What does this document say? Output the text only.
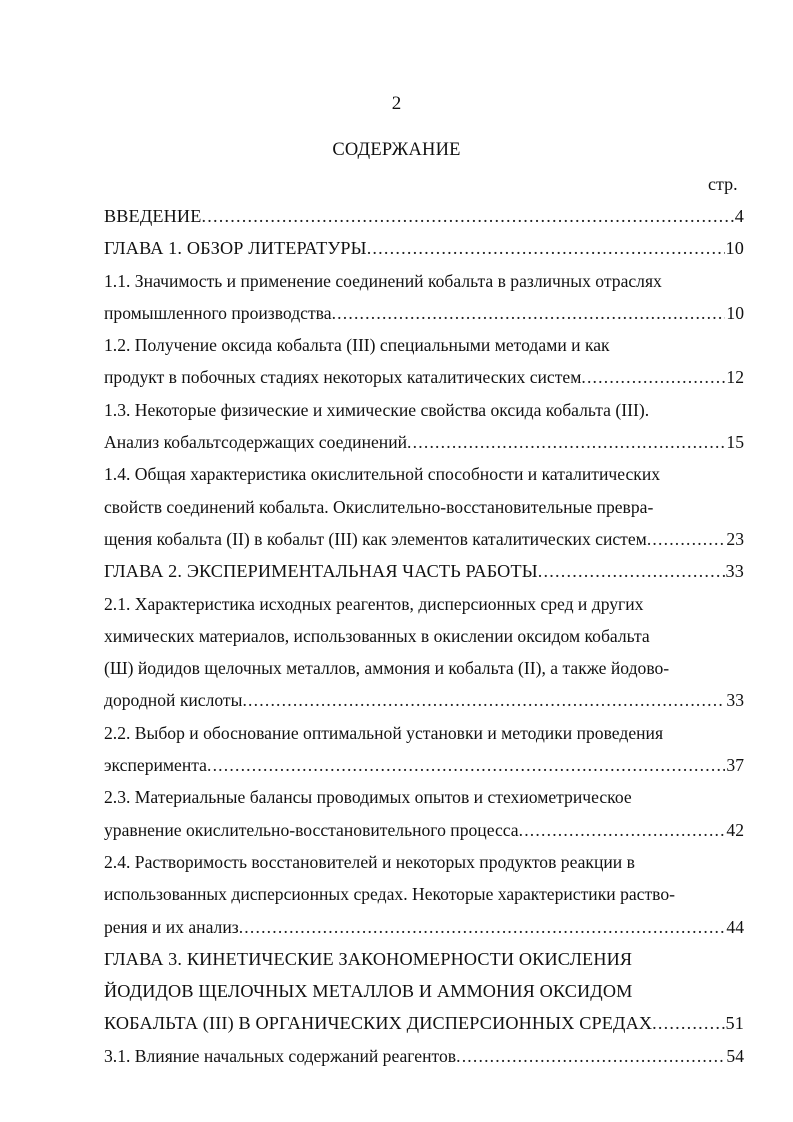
2
СОДЕРЖАНИЕ
стр.
ВВЕДЕНИЕ .....	4
ГЛАВА 1. ОБЗОР ЛИТЕРАТУРЫ .....	10
1.1. Значимость и применение соединений кобальта в различных отраслях
промышленного производства .....	10
1.2. Получение оксида кобальта (III) специальными методами и как
продукт в побочных стадиях некоторых каталитических систем .....	12
1.3. Некоторые физические и химические свойства оксида кобальта (III).
Анализ кобальтсодержащих соединений .....	15
1.4. Общая характеристика окислительной способности и каталитических
свойств соединений кобальта. Окислительно-восстановительные превра-
щения кобальта (II) в кобальт (III) как элементов каталитических систем .....	23
ГЛАВА 2. ЭКСПЕРИМЕНТАЛЬНАЯ ЧАСТЬ РАБОТЫ .....	33
2.1. Характеристика исходных реагентов, дисперсионных сред и других
химических материалов, использованных в окислении оксидом кобальта
(Ш) йодидов щелочных металлов, аммония и кобальта (II), а также йодово-
дородной кислоты .....	33
2.2. Выбор и обоснование оптимальной установки и методики проведения
эксперимента .....	37
2.3. Материальные балансы проводимых опытов и стехиометрическое
уравнение окислительно-восстановительного процесса .....	42
2.4. Растворимость восстановителей и некоторых продуктов реакции в
использованных дисперсионных средах. Некоторые характеристики раство-
рения и их анализ .....	44
ГЛАВА 3. КИНЕТИЧЕСКИЕ ЗАКОНОМЕРНОСТИ ОКИСЛЕНИЯ
ЙОДИДОВ ЩЕЛОЧНЫХ МЕТАЛЛОВ И АММОНИЯ ОКСИДОМ
КОБАЛЬТА (III) В ОРГАНИЧЕСКИХ ДИСПЕРСИОННЫХ СРЕДАХ .....	51
3.1. Влияние начальных содержаний реагентов .....	54
